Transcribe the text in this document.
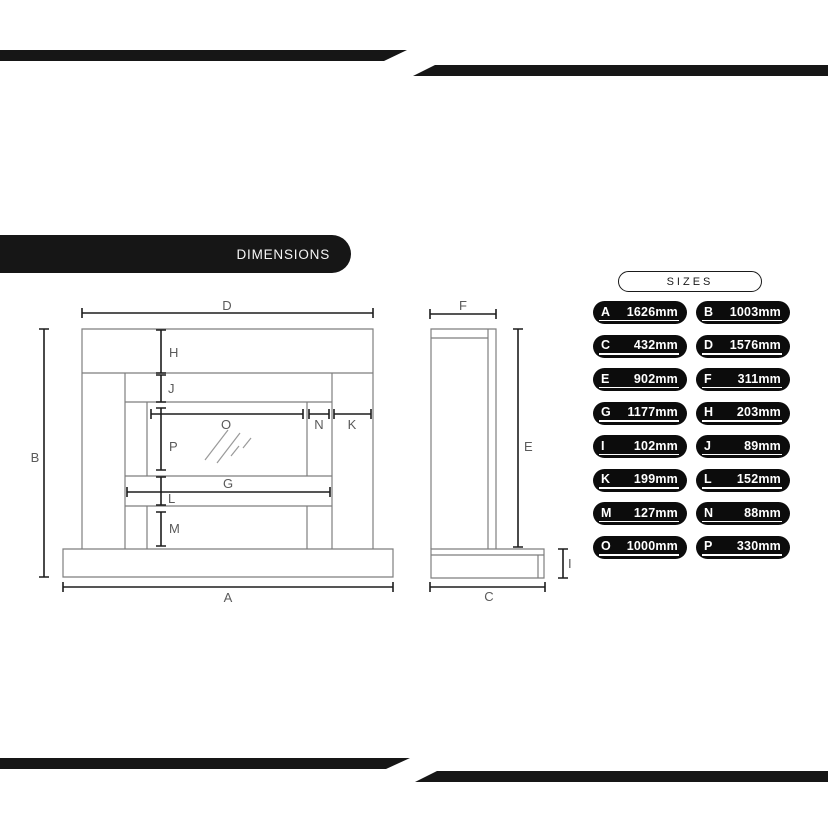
DIMENSIONS
D
B
A
H
J
O	N K
P
G
L
M
F
E
I
C
SIZES
A 1626mm B 1003mm
C 432mm D 1576mm
E 902mm F 311mm
G 1177mm H 203mm
I 102mm J	89mm
K 199mm L 152mm
M 127mm N 88mm
O 1000mm P 330mm
